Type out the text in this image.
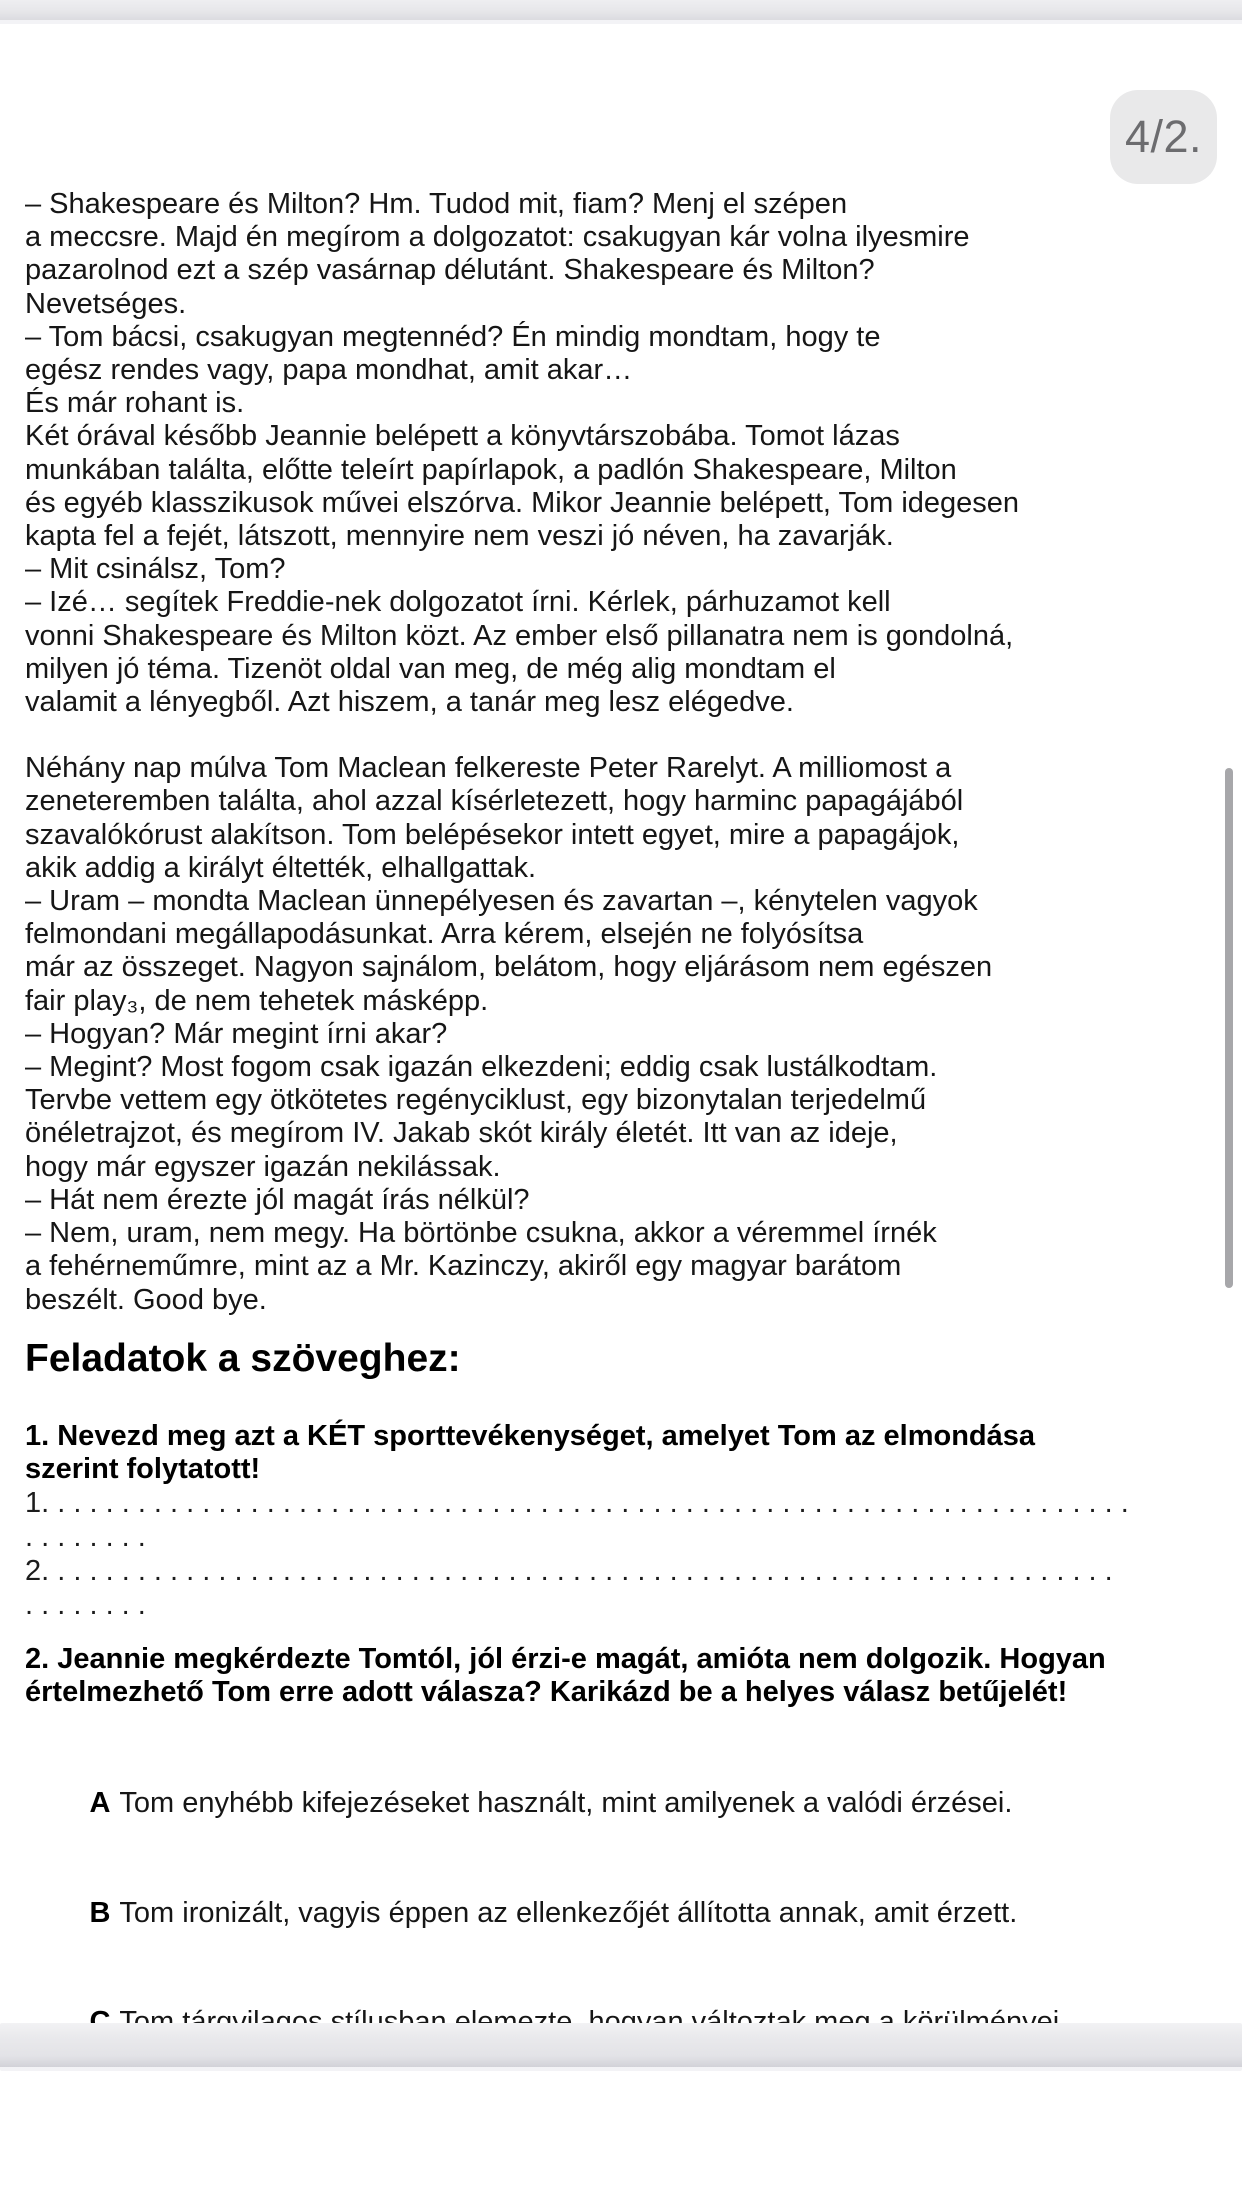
4/2.
– Shakespeare és Milton? Hm. Tudod mit, fiam? Menj el szépen
a meccsre. Majd én megírom a dolgozatot: csakugyan kár volna ilyesmire
pazarolnod ezt a szép vasárnap délutánt. Shakespeare és Milton?
Nevetséges.
– Tom bácsi, csakugyan megtennéd? Én mindig mondtam, hogy te
egész rendes vagy, papa mondhat, amit akar…
És már rohant is.
Két órával később Jeannie belépett a könyvtárszobába. Tomot lázas
munkában találta, előtte teleírt papírlapok, a padlón Shakespeare, Milton
és egyéb klasszikusok művei elszórva. Mikor Jeannie belépett, Tom idegesen
kapta fel a fejét, látszott, mennyire nem veszi jó néven, ha zavarják.
– Mit csinálsz, Tom?
– Izé… segítek Freddie-nek dolgozatot írni. Kérlek, párhuzamot kell
vonni Shakespeare és Milton közt. Az ember első pillanatra nem is gondolná,
milyen jó téma. Tizenöt oldal van meg, de még alig mondtam el
valamit a lényegből. Azt hiszem, a tanár meg lesz elégedve.
Néhány nap múlva Tom Maclean felkereste Peter Rarelyt. A milliomost a
zeneteremben találta, ahol azzal kísérletezett, hogy harminc papagájából
szavalókórust alakítson. Tom belépésekor intett egyet, mire a papagájok,
akik addig a királyt éltették, elhallgattak.
– Uram – mondta Maclean ünnepélyesen és zavartan –, kénytelen vagyok
felmondani megállapodásunkat. Arra kérem, elsején ne folyósítsa
már az összeget. Nagyon sajnálom, belátom, hogy eljárásom nem egészen
fair play₃, de nem tehetek másképp.
– Hogyan? Már megint írni akar?
– Megint? Most fogom csak igazán elkezdeni; eddig csak lustálkodtam.
Tervbe vettem egy ötkötetes regényciklust, egy bizonytalan terjedelmű
önéletrajzot, és megírom IV. Jakab skót király életét. Itt van az ideje,
hogy már egyszer igazán nekilássak.
– Hát nem érezte jól magát írás nélkül?
– Nem, uram, nem megy. Ha börtönbe csukna, akkor a véremmel írnék
a fehérneműmre, mint az a Mr. Kazinczy, akiről egy magyar barátom
beszélt. Good bye.
Feladatok a szöveghez:
1. Nevezd meg azt a KÉT sporttevékenységet, amelyet Tom az elmondása
szerint folytatott!
1. . . . . . . . . . . . . . . . . . . . . . . . . . . . . . . . . . . . . . . . . . . . . . . . . . . . . . . . . . . . . . . . . . . .
. . . . . . . .
2. . . . . . . . . . . . . . . . . . . . . . . . . . . . . . . . . . . . . . . . . . . . . . . . . . . . . . . . . . . . . . . . . . .
. . . . . . . .
2. Jeannie megkérdezte Tomtól, jól érzi-e magát, amióta nem dolgozik. Hogyan
értelmezhető Tom erre adott válasza? Karikázd be a helyes válasz betűjelét!

A Tom enyhébb kifejezéseket használt, mint amilyenek a valódi érzései.

B Tom ironizált, vagyis éppen az ellenkezőjét állította annak, amit érzett.
